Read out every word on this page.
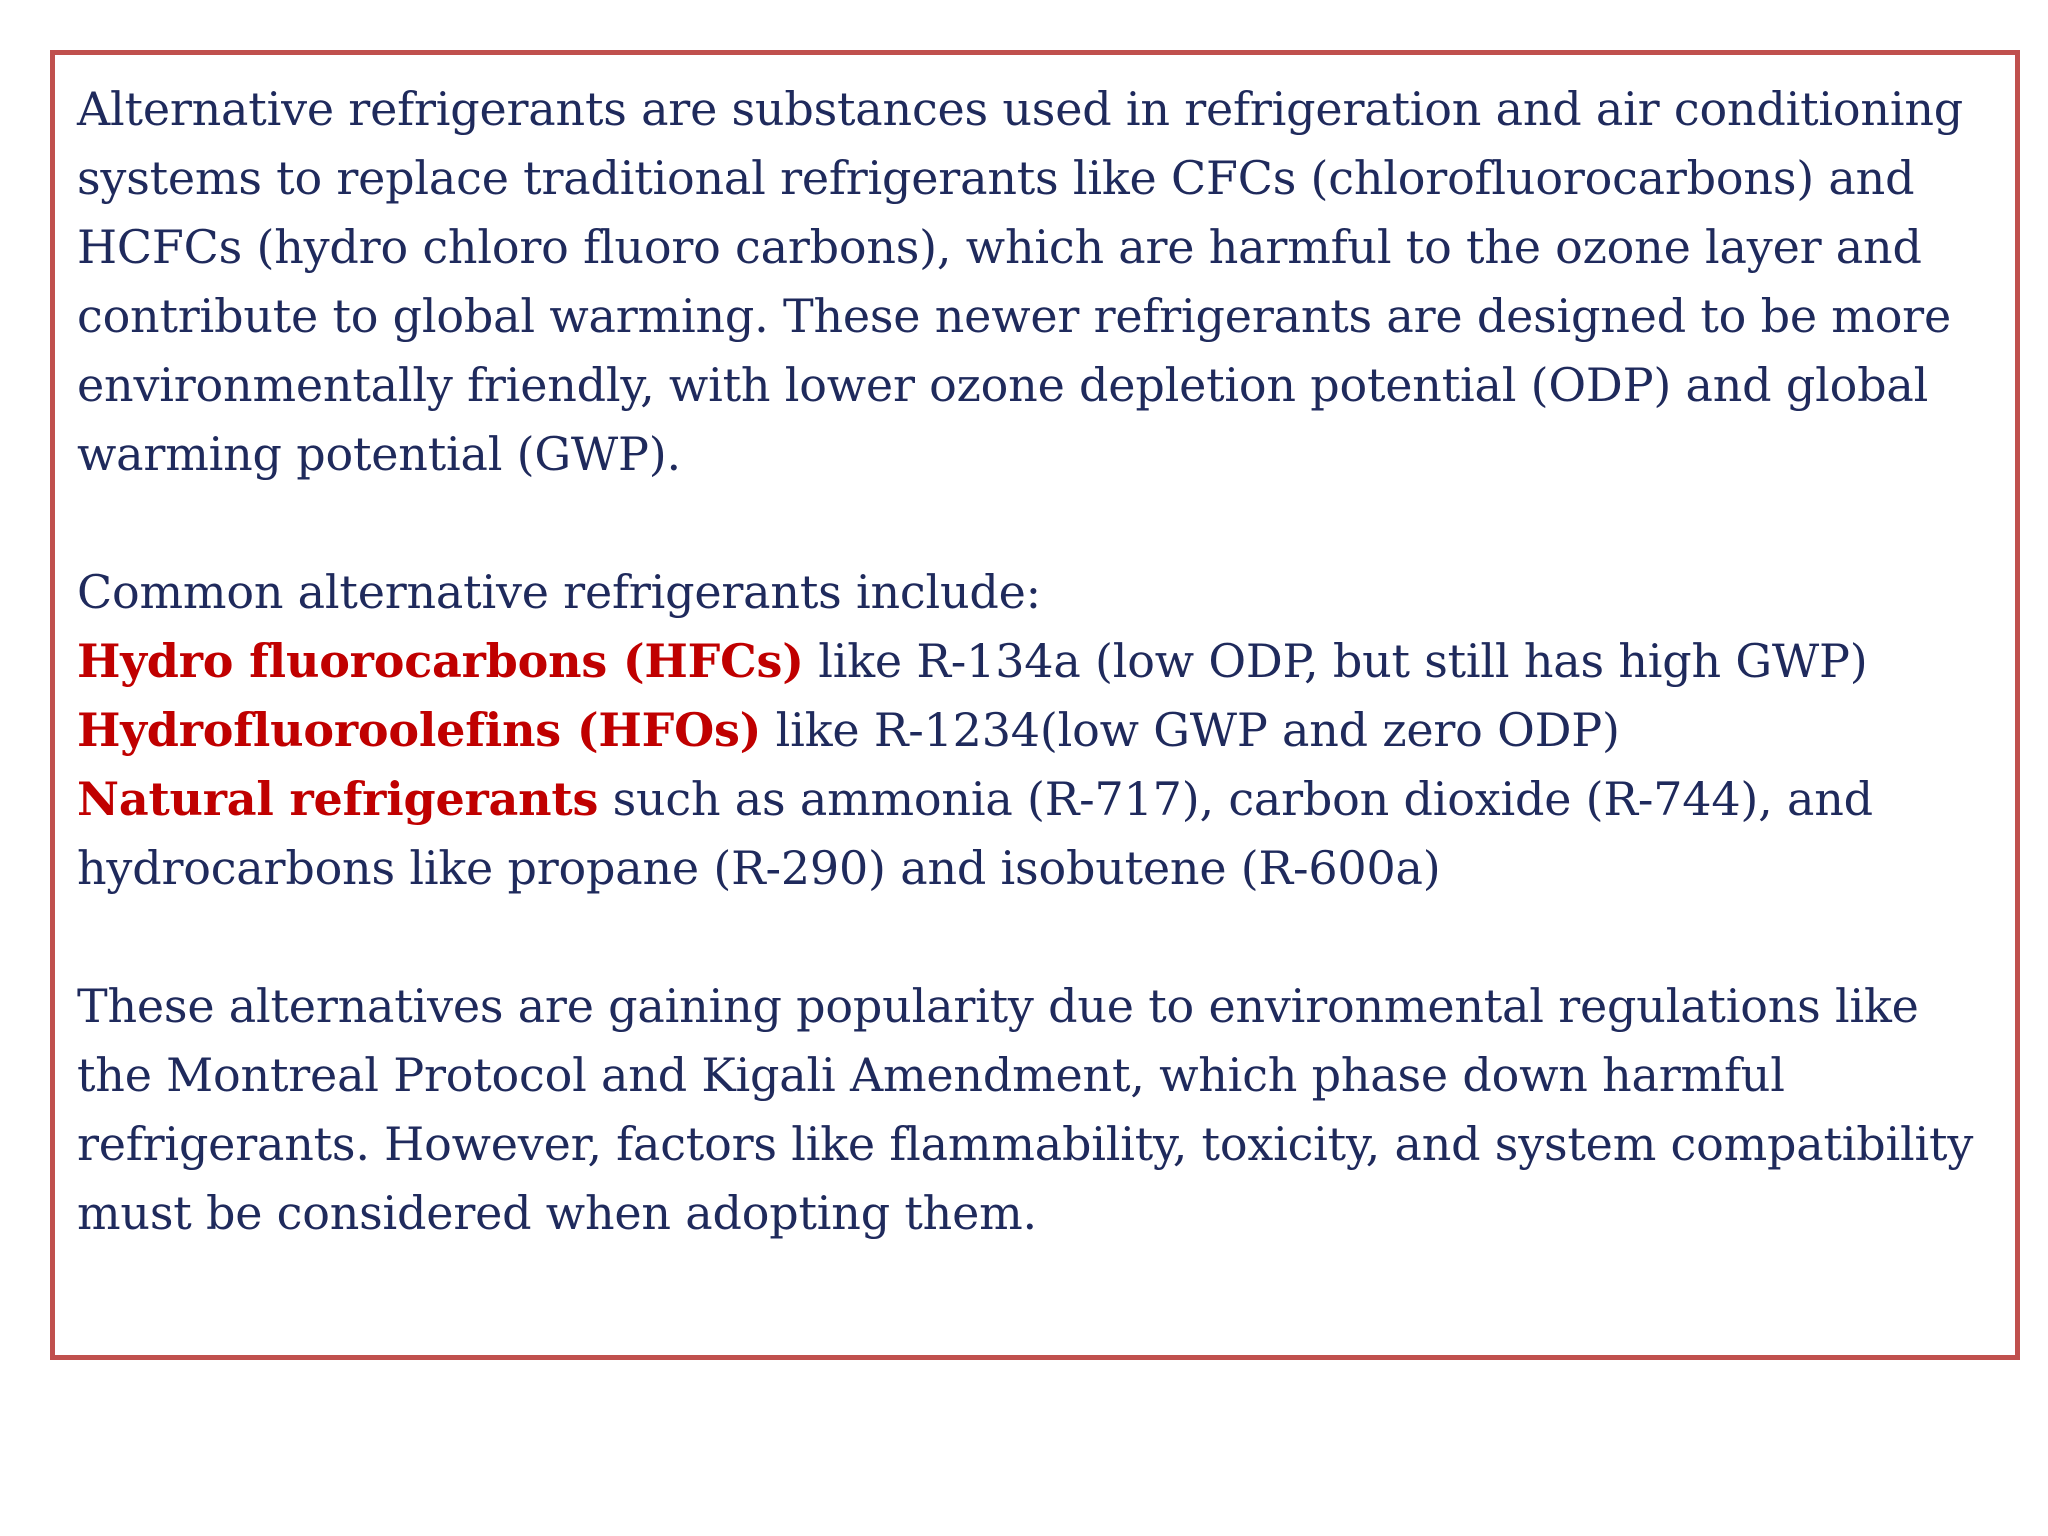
Alternative refrigerants are substances used in refrigeration and air conditioning
systems to replace traditional refrigerants like CFCs (chlorofluorocarbons) and
HCFCs (hydro chloro fluoro carbons), which are harmful to the ozone layer and
contribute to global warming. These newer refrigerants are designed to be more
environmentally friendly, with lower ozone depletion potential (ODP) and global
warming potential (GWP).
Common alternative refrigerants include:
Hydro fluorocarbons (HFCs) like R-134a (low ODP, but still has high GWP)
Hydrofluoroolefins (HFOs) like R-1234(low GWP and zero ODP)
Natural refrigerants such as ammonia (R-717), carbon dioxide (R-744), and
hydrocarbons like propane (R-290) and isobutene (R-600a)
These alternatives are gaining popularity due to environmental regulations like
the Montreal Protocol and Kigali Amendment, which phase down harmful
refrigerants. However, factors like flammability, toxicity, and system compatibility
must be considered when adopting them.
